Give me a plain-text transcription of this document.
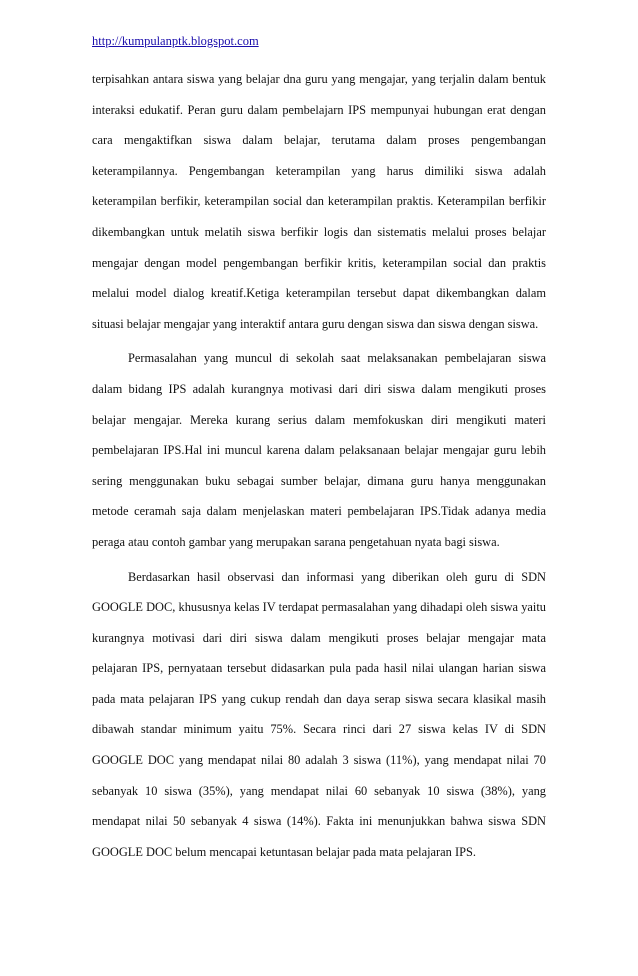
http://kumpulanptk.blogspot.com

terpisahkan antara siswa yang belajar dna guru yang mengajar, yang terjalin dalam bentuk interaksi edukatif. Peran guru dalam pembelajarn IPS mempunyai hubungan erat dengan cara mengaktifkan siswa dalam belajar, terutama dalam proses pengembangan keterampilannya. Pengembangan keterampilan yang harus dimiliki siswa adalah keterampilan berfikir, keterampilan social dan keterampilan praktis. Keterampilan berfikir dikembangkan untuk melatih siswa berfikir logis dan sistematis melalui proses belajar mengajar dengan model pengembangan berfikir kritis, keterampilan social dan praktis melalui model dialog kreatif.Ketiga keterampilan tersebut dapat dikembangkan dalam situasi belajar mengajar yang interaktif antara guru dengan siswa dan siswa dengan siswa.

Permasalahan yang muncul di sekolah saat melaksanakan pembelajaran siswa dalam bidang IPS adalah kurangnya motivasi dari diri siswa dalam mengikuti proses belajar mengajar. Mereka kurang serius dalam memfokuskan diri mengikuti materi pembelajaran IPS.Hal ini muncul karena dalam pelaksanaan belajar mengajar guru lebih sering menggunakan buku sebagai sumber belajar, dimana guru hanya menggunakan metode ceramah saja dalam menjelaskan materi pembelajaran IPS.Tidak adanya media peraga atau contoh gambar yang merupakan sarana pengetahuan nyata bagi siswa.

Berdasarkan hasil observasi dan informasi yang diberikan oleh guru di SDN GOOGLE DOC, khususnya kelas IV terdapat permasalahan yang dihadapi oleh siswa yaitu kurangnya motivasi dari diri siswa dalam mengikuti proses belajar mengajar mata pelajaran IPS, pernyataan tersebut didasarkan pula pada hasil nilai ulangan harian siswa pada mata pelajaran IPS yang cukup rendah dan daya serap siswa secara klasikal masih dibawah standar minimum yaitu 75%. Secara rinci dari 27 siswa kelas IV di SDN GOOGLE DOC yang mendapat nilai 80 adalah 3 siswa (11%), yang mendapat nilai 70 sebanyak 10 siswa (35%), yang mendapat nilai 60 sebanyak 10 siswa (38%), yang mendapat nilai 50 sebanyak 4 siswa (14%). Fakta ini menunjukkan bahwa siswa SDN GOOGLE DOC belum mencapai ketuntasan belajar pada mata pelajaran IPS.
